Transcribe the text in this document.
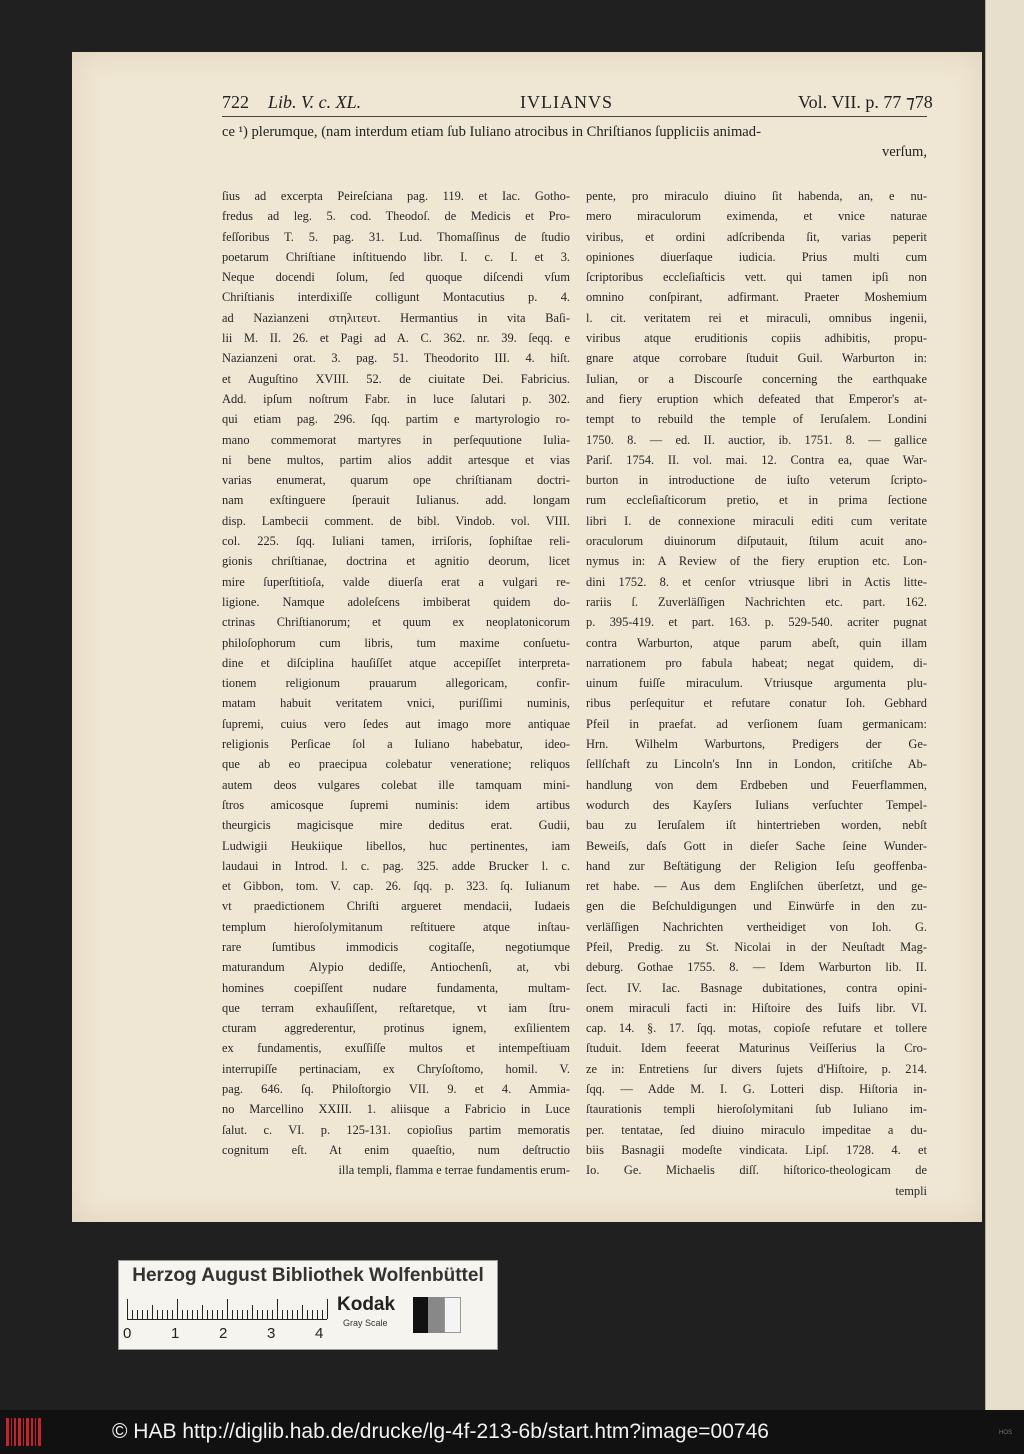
722 Lib. V. c. XL.	IVLIANVS	Vol. VII. p. 77 ⁊78
ce ¹) plerumque, (nam interdum etiam ſub Iuliano atrocibus in Chriſtianos ſuppliciis animad-
verſum,
ſius ad excerpta Peireſciana pag. 119. et Iac. Gotho-
fredus ad leg. 5. cod. Theodoſ. de Medicis et Pro-
feſſoribus T. 5. pag. 31. Lud. Thomaſſinus de ſtudio
poetarum Chriſtiane inſtituendo libr. I. c. I. et 3.
Neque docendi ſolum, ſed quoque diſcendi vſum
Chriſtianis interdixiſſe colligunt Montacutius p. 4.
ad Nazianzeni στηλιτευτ. Hermantius in vita Baſi-
lii M. II. 26. et Pagi ad A. C. 362. nr. 39. ſeqq. e
Nazianzeni orat. 3. pag. 51. Theodorito III. 4. hiſt.
et Auguſtino XVIII. 52. de ciuitate Dei. Fabricius.
Add. ipſum noſtrum Fabr. in luce ſalutari p. 302.
qui etiam pag. 296. ſqq. partim e martyrologio ro-
mano commemorat martyres in perſequutione Iulia-
ni bene multos, partim alios addit artesque et vias
varias enumerat, quarum ope chriſtianam doctri-
nam exſtinguere ſperauit Iulianus. add. longam
disp. Lambecii comment. de bibl. Vindob. vol. VIII.
col. 225. ſqq. Iuliani tamen, irriſoris, ſophiſtae reli-
gionis chriſtianae, doctrina et agnitio deorum, licet
mire ſuperſtitioſa, valde diuerſa erat a vulgari re-
ligione. Namque adoleſcens imbiberat quidem do-
ctrinas Chriſtianorum; et quum ex neoplatonicorum
philoſophorum cum libris, tum maxime conſuetu-
dine et diſciplina hauſiſſet atque accepiſſet interpreta-
tionem religionum prauarum allegoricam, confir-
matam habuit veritatem vnici, puriſſimi numinis,
ſupremi, cuius vero ſedes aut imago more antiquae
religionis Perſicae ſol a Iuliano habebatur, ideo-
que ab eo praecipua colebatur veneratione; reliquos
autem deos vulgares colebat ille tamquam mini-
ſtros amicosque ſupremi numinis: idem artibus
theurgicis magicisque mire deditus erat. Gudii,
Ludwigii Heukiique libellos, huc pertinentes, iam
laudaui in Introd. l. c. pag. 325. adde Brucker l. c.
et Gibbon, tom. V. cap. 26. ſqq. p. 323. ſq. Iulianum
vt praedictionem Chriſti argueret mendacii, Iudaeis
templum hieroſolymitanum reſtituere atque inſtau-
rare ſumtibus immodicis cogitaſſe, negotiumque
maturandum Alypio dediſſe, Antiochenſi, at, vbi
homines coepiſſent nudare fundamenta, multam-
que terram exhauſiſſent, reſtaretque, vt iam ſtru-
cturam aggrederentur, protinus ignem, exſilientem
ex fundamentis, exuſſiſſe multos et intempeſtiuam
interrupiſſe pertinaciam, ex Chryſoſtomo, homil. V.
pag. 646. ſq. Philoſtorgio VII. 9. et 4. Ammia-
no Marcellino XXIII. 1. aliisque a Fabricio in Luce
ſalut. c. VI. p. 125-131. copioſius partim memoratis
cognitum eſt. At enim quaeſtio, num deſtructio
illa templi, flamma e terrae fundamentis erum-
pente, pro miraculo diuino ſit habenda, an, e nu-
mero miraculorum eximenda, et vnice naturae
viribus, et ordini adſcribenda ſit, varias peperit
opiniones diuerſaque iudicia. Prius multi cum
ſcriptoribus eccleſiaſticis vett. qui tamen ipſi non
omnino conſpirant, adfirmant. Praeter Moshemium
l. cit. veritatem rei et miraculi, omnibus ingenii,
viribus atque eruditionis copiis adhibitis, propu-
gnare atque corrobare ſtuduit Guil. Warburton in:
Iulian, or a Discourſe concerning the earthquake
and fiery eruption which defeated that Emperor's at-
tempt to rebuild the temple of Ieruſalem. Londini
1750. 8. — ed. II. auctior, ib. 1751. 8. — gallice
Pariſ. 1754. II. vol. mai. 12. Contra ea, quae War-
burton in introductione de iuſto veterum ſcripto-
rum eccleſiaſticorum pretio, et in prima ſectione
libri I. de connexione miraculi editi cum veritate
oraculorum diuinorum diſputauit, ſtilum acuit ano-
nymus in: A Review of the fiery eruption etc. Lon-
dini 1752. 8. et cenſor vtriusque libri in Actis litte-
rariis ſ. Zuverläſſigen Nachrichten etc. part. 162.
p. 395-419. et part. 163. p. 529-540. acriter pugnat
contra Warburton, atque parum abeſt, quin illam
narrationem pro fabula habeat; negat quidem, di-
uinum fuiſſe miraculum. Vtriusque argumenta plu-
ribus perſequitur et refutare conatur Ioh. Gebhard
Pfeil in praefat. ad verſionem ſuam germanicam:
Hrn. Wilhelm Warburtons, Predigers der Ge-
ſellſchaft zu Lincoln's Inn in London, critiſche Ab-
handlung von dem Erdbeben und Feuerflammen,
wodurch des Kayſers Iulians verſuchter Tempel-
bau zu Ieruſalem iſt hintertrieben worden, nebſt
Beweiſs, daſs Gott in dieſer Sache ſeine Wunder-
hand zur Beſtätigung der Religion Ieſu geoffenba-
ret habe. — Aus dem Engliſchen überſetzt, und ge-
gen die Beſchuldigungen und Einwürfe in den zu-
verläſſigen Nachrichten vertheidiget von Ioh. G.
Pfeil, Predig. zu St. Nicolai in der Neuſtadt Mag-
deburg. Gothae 1755. 8. — Idem Warburton lib. II.
ſect. IV. Iac. Basnage dubitationes, contra opini-
onem miraculi facti in: Hiſtoire des Iuifs libr. VI.
cap. 14. §. 17. ſqq. motas, copioſe refutare et tollere
ſtuduit. Idem feeerat Maturinus Veiſſerius la Cro-
ze in: Entretiens ſur divers ſujets d'Hiſtoire, p. 214.
ſqq. — Adde M. I. G. Lotteri disp. Hiſtoria in-
ſtaurationis templi hieroſolymitani ſub Iuliano im-
per. tentatae, ſed diuino miraculo impeditae a du-
biis Basnagii modeſte vindicata. Lipſ. 1728. 4. et
Io. Ge. Michaelis diſſ. hiſtorico-theologicam de
templi
Herzog August Bibliothek Wolfenbüttel
0	1	2	3	4
Kodak
Gray Scale
© HAB http://diglib.hab.de/drucke/lg-4f-213-6b/start.htm?image=00746	HOS
